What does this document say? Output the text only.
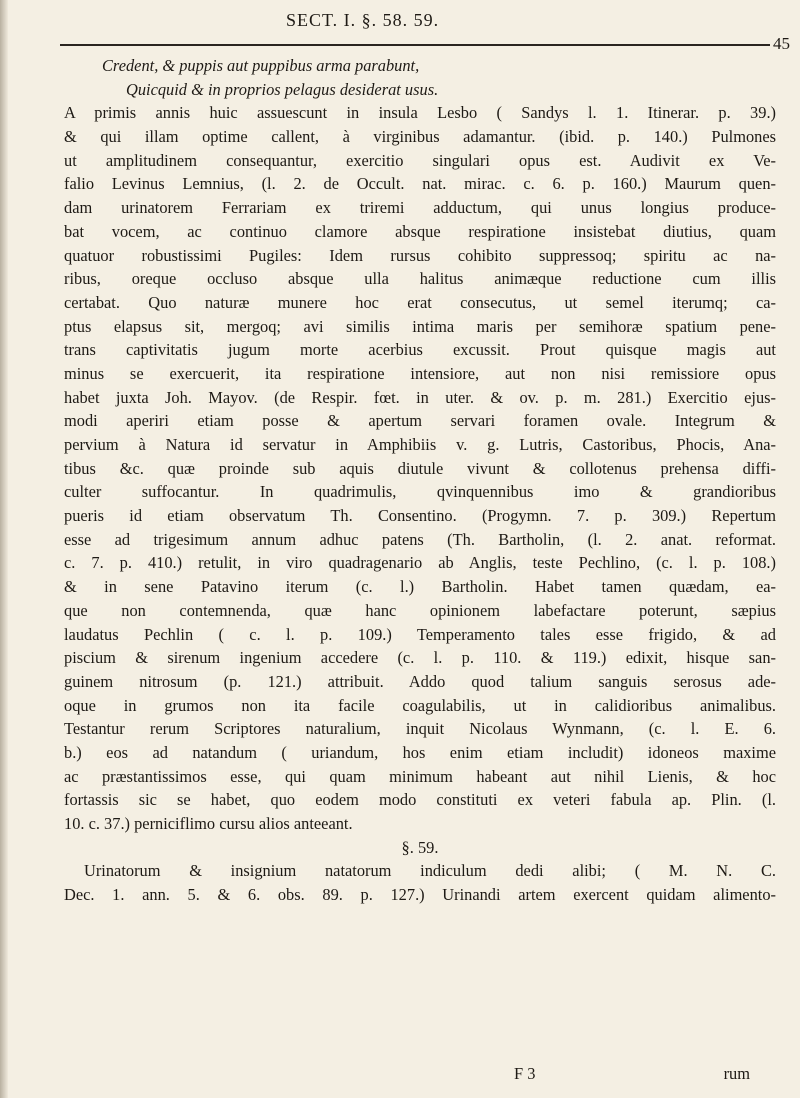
SECT. I. §. 58. 59.
45
Credent, & puppis aut puppibus arma parabunt,
Quicquid & in proprios pelagus desiderat usus.
A primis annis huic assuescunt in insula Lesbo ( Sandys l. 1. Itinerar. p. 39.)
& qui illam optime callent, à virginibus adamantur. (ibid. p. 140.) Pulmones
ut amplitudinem consequantur, exercitio singulari opus est. Audivit ex Ve-
falio Levinus Lemnius, (l. 2. de Occult. nat. mirac. c. 6. p. 160.) Maurum quen-
dam urinatorem Ferrariam ex triremi adductum, qui unus longius produce-
bat vocem, ac continuo clamore absque respiratione insistebat diutius, quam
quatuor robustissimi Pugiles: Idem rursus cohibito suppressoq; spiritu ac na-
ribus, oreque occluso absque ulla halitus animæque reductione cum illis
certabat. Quo naturæ munere hoc erat consecutus, ut semel iterumq; ca-
ptus elapsus sit, mergoq; avi similis intima maris per semihoræ spatium pene-
trans captivitatis jugum morte acerbius excussit. Prout quisque magis aut
minus se exercuerit, ita respiratione intensiore, aut non nisi remissiore opus
habet juxta Joh. Mayov. (de Respir. fœt. in uter. & ov. p. m. 281.) Exercitio ejus-
modi aperiri etiam posse & apertum servari foramen ovale. Integrum &
pervium à Natura id servatur in Amphibiis v. g. Lutris, Castoribus, Phocis, Ana-
tibus &c. quæ proinde sub aquis diutule vivunt & collotenus prehensa diffi-
culter suffocantur. In quadrimulis, qvinquennibus imo & grandioribus
pueris id etiam observatum Th. Consentino. (Progymn. 7. p. 309.) Repertum
esse ad trigesimum annum adhuc patens (Th. Bartholin, (l. 2. anat. reformat.
c. 7. p. 410.) retulit, in viro quadragenario ab Anglis, teste Pechlino, (c. l. p. 108.)
& in sene Patavino iterum (c. l.) Bartholin. Habet tamen quædam, ea-
que non contemnenda, quæ hanc opinionem labefactare poterunt, sæpius
laudatus Pechlin ( c. l. p. 109.) Temperamento tales esse frigido, & ad
piscium & sirenum ingenium accedere (c. l. p. 110. & 119.) edixit, hisque san-
guinem nitrosum (p. 121.) attribuit. Addo quod talium sanguis serosus ade-
oque in grumos non ita facile coagulabilis, ut in calidioribus animalibus.
Testantur rerum Scriptores naturalium, inquit Nicolaus Wynmann, (c. l. E. 6.
b.) eos ad natandum ( uriandum, hos enim etiam includit) idoneos maxime
ac præstantissimos esse, qui quam minimum habeant aut nihil Lienis, & hoc
fortassis sic se habet, quo eodem modo constituti ex veteri fabula ap. Plin. (l.
10. c. 37.) perniciflimo cursu alios anteeant.
§. 59.
Urinatorum & insignium natatorum indiculum dedi alibi; ( M. N. C.
Dec. 1. ann. 5. & 6. obs. 89. p. 127.) Urinandi artem exercent quidam alimento-
F 3	rum
